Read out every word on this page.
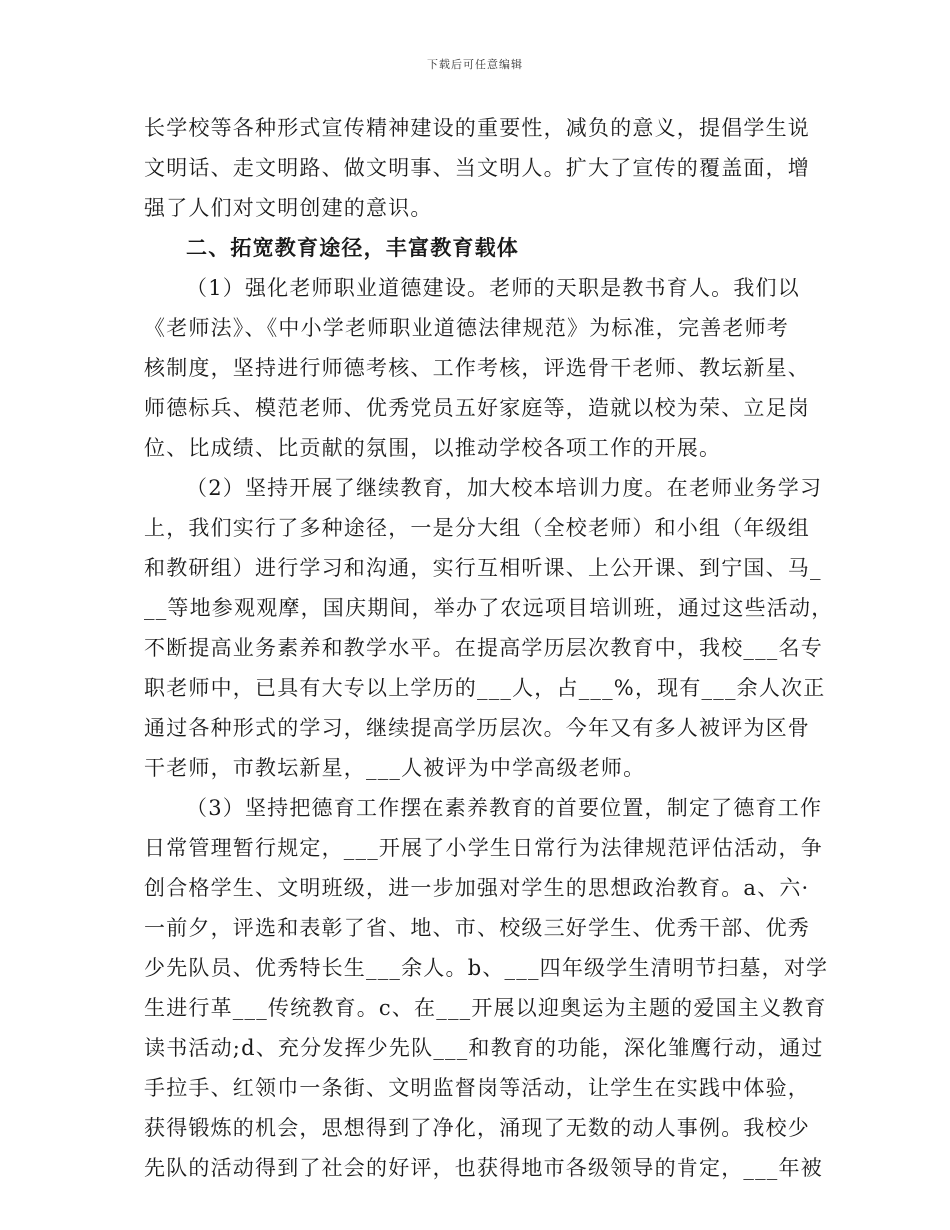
下载后可任意编辑
长学校等各种形式宣传精神建设的重要性，减负的意义，提倡学生说
文明话、走文明路、做文明事、当文明人。扩大了宣传的覆盖面，增
强了人们对文明创建的意识。
二、拓宽教育途径，丰富教育载体
（1）强化老师职业道德建设。老师的天职是教书育人。我们以
《老师法》、《中小学老师职业道德法律规范》为标准，完善老师考
核制度，坚持进行师德考核、工作考核，评选骨干老师、教坛新星、
师德标兵、模范老师、优秀党员五好家庭等，造就以校为荣、立足岗
位、比成绩、比贡献的氛围，以推动学校各项工作的开展。
（2）坚持开展了继续教育，加大校本培训力度。在老师业务学习
上，我们实行了多种途径，一是分大组（全校老师）和小组（年级组
和教研组）进行学习和沟通，实行互相听课、上公开课、到宁国、马_
__等地参观观摩，国庆期间，举办了农远项目培训班，通过这些活动，
不断提高业务素养和教学水平。在提高学历层次教育中，我校___名专
职老师中，已具有大专以上学历的___人，占___%，现有___余人次正
通过各种形式的学习，继续提高学历层次。今年又有多人被评为区骨
干老师，市教坛新星，___人被评为中学高级老师。
（3）坚持把德育工作摆在素养教育的首要位置，制定了德育工作
日常管理暂行规定，___开展了小学生日常行为法律规范评估活动，争
创合格学生、文明班级，进一步加强对学生的思想政治教育。a、六·
一前夕，评选和表彰了省、地、市、校级三好学生、优秀干部、优秀
少先队员、优秀特长生___余人。b、___四年级学生清明节扫墓，对学
生进行革___传统教育。c、在___开展以迎奥运为主题的爱国主义教育
读书活动;d、充分发挥少先队___和教育的功能，深化雏鹰行动，通过
手拉手、红领巾一条街、文明监督岗等活动，让学生在实践中体验，
获得锻炼的机会，思想得到了净化，涌现了无数的动人事例。我校少
先队的活动得到了社会的好评，也获得地市各级领导的肯定，___年被
